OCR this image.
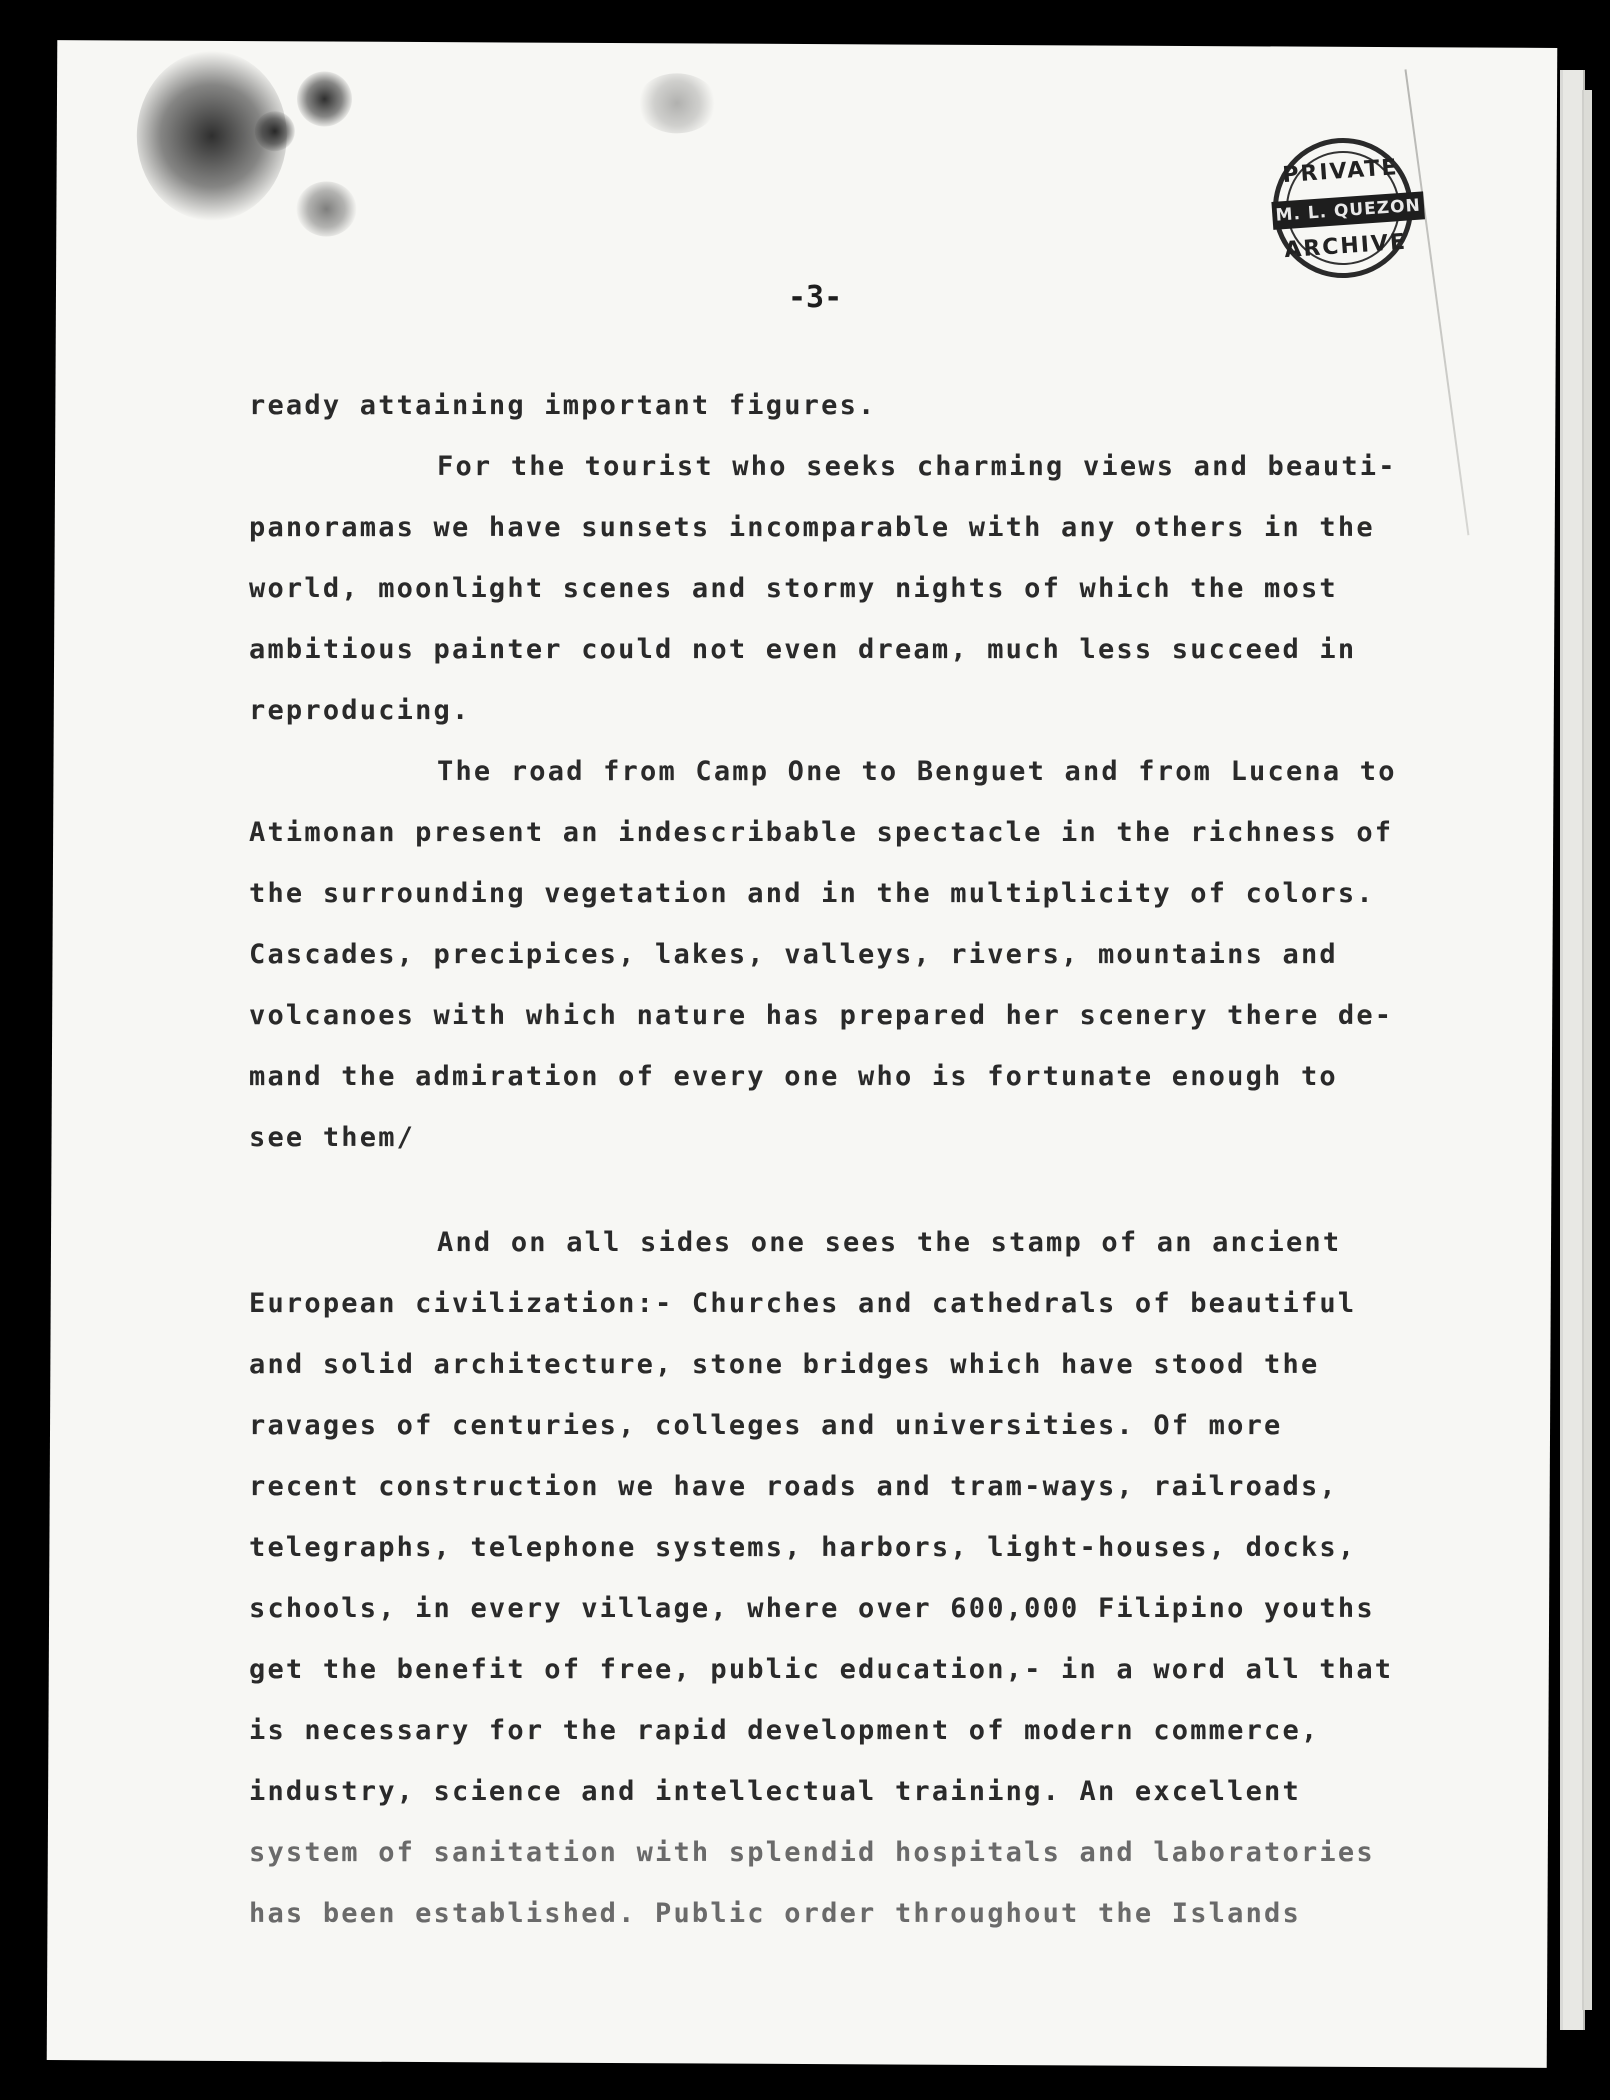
PRIVATE
M. L. QUEZON
ARCHIVE
-3-
ready attaining important figures.
For the tourist who seeks charming views and beauti-
panoramas we have sunsets incomparable with any others in the
world, moonlight scenes and stormy nights of which the most
ambitious painter could not even dream, much less succeed in
reproducing.
The road from Camp One to Benguet and from Lucena to
Atimonan present an indescribable spectacle in the richness of
the surrounding vegetation and in the multiplicity of colors.
Cascades, precipices, lakes, valleys, rivers, mountains and
volcanoes with which nature has prepared her scenery there de-
mand the admiration of every one who is fortunate enough to
see them/
And on all sides one sees the stamp of an ancient
European civilization:- Churches and cathedrals of beautiful
and solid architecture, stone bridges which have stood the
ravages of centuries, colleges and universities. Of more
recent construction we have roads and tram-ways, railroads,
telegraphs, telephone systems, harbors, light-houses, docks,
schools, in every village, where over 600,000 Filipino youths
get the benefit of free, public education,- in a word all that
is necessary for the rapid development of modern commerce,
industry, science and intellectual training. An excellent
system of sanitation with splendid hospitals and laboratories
has been established. Public order throughout the Islands
